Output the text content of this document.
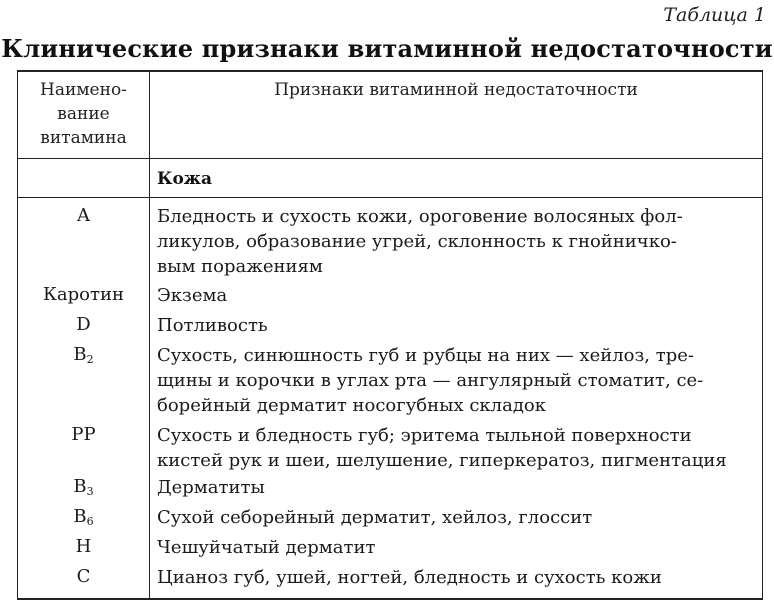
Таблица 1
Клинические признаки витаминной недостаточности
Наимено-
вание
витамина
Признаки витаминной недостаточности
Кожа
A	Бледность и сухость кожи, ороговение волосяных фол-
ликулов, образование угрей, склонность к гнойничко-
вым поражениям
Каротин	Экзема
D	Потливость
$B_2$	Сухость, синюшность губ и рубцы на них — хейлоз, тре-
щины и корочки в углах рта — ангулярный стоматит, се-
борейный дерматит носогубных складок
PP	Сухость и бледность губ; эритема тыльной поверхности
кистей рук и шеи, шелушение, гиперкератоз, пигментация
$B_3$	Дерматиты
$B_6$	Сухой себорейный дерматит, хейлоз, глоссит
H	Чешуйчатый дерматит
C	Цианоз губ, ушей, ногтей, бледность и сухость кожи
